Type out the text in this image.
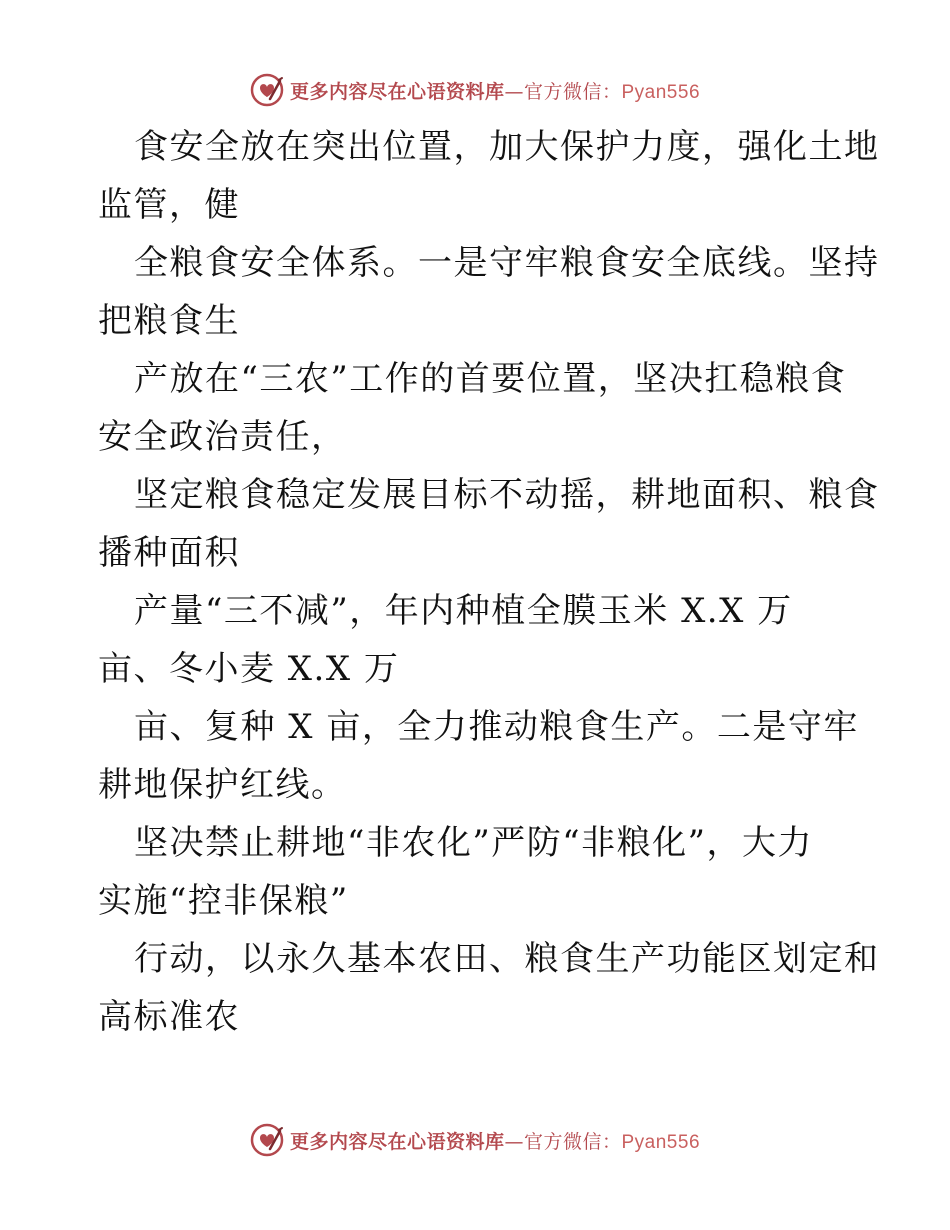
更多内容尽在心语资料库—官方微信：Pyan556
食安全放在突出位置，加大保护力度，强化土地
监管，健
全粮食安全体系。一是守牢粮食安全底线。坚持
把粮食生
产放在“三农”工作的首要位置，坚决扛稳粮食
安全政治责任，
坚定粮食稳定发展目标不动摇，耕地面积、粮食
播种面积
产量“三不减”，年内种植全膜玉米 X.X 万
亩、冬小麦 X.X 万
亩、复种 X 亩，全力推动粮食生产。二是守牢
耕地保护红线。
坚决禁止耕地“非农化”严防“非粮化”，大力
实施“控非保粮”
行动，以永久基本农田、粮食生产功能区划定和
高标准农
更多内容尽在心语资料库—官方微信：Pyan556
